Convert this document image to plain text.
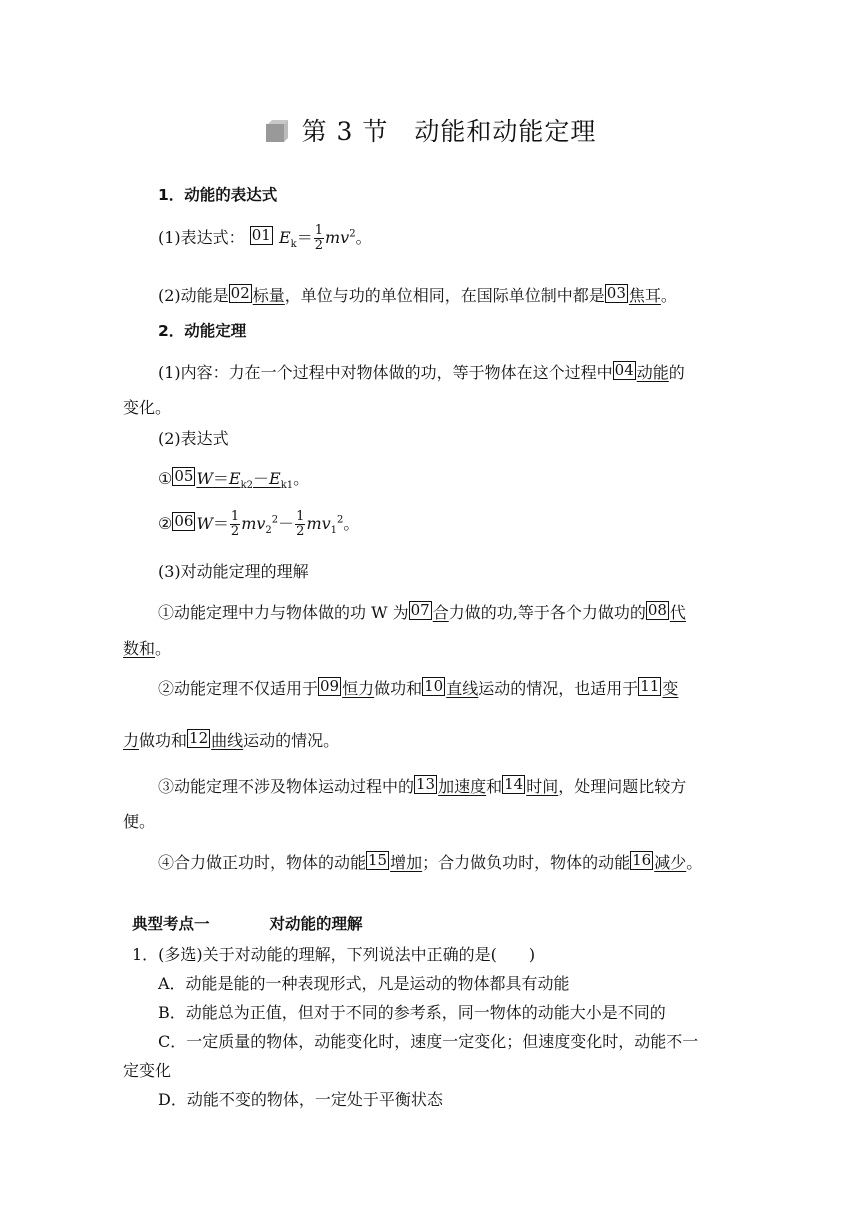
第 3 节　动能和动能定理
1．动能的表达式
(1)表达式： 01 $E_k= \frac{1}{2} mv^2$。
(2)动能是 02 标量，单位与功的单位相同，在国际单位制中都是 03 焦耳。
2．动能定理
(1)内容：力在一个过程中对物体做的功，等于物体在这个过程中 04 动能的
变化。
(2)表达式
① 05 $W=E_{k2}-E_{k1}$。
② 06 $W= \frac{1}{2} mv_2^2- \frac{1}{2} mv_1^2$。
(3)对动能定理的理解
①动能定理中力与物体做的功 W 为 07 合力做的功,等于各个力做功的 08 代
数和。
②动能定理不仅适用于 09 恒力做功和 10 直线运动的情况，也适用于 11 变
力做功和 12 曲线运动的情况。
③动能定理不涉及物体运动过程中的 13 加速度和 14 时间，处理问题比较方
便。
④合力做正功时，物体的动能 15 增加；合力做负功时，物体的动能 16 减少。
典型考点一	对动能的理解
1．(多选)关于对动能的理解，下列说法中正确的是(　　)
A．动能是能的一种表现形式，凡是运动的物体都具有动能
B．动能总为正值，但对于不同的参考系，同一物体的动能大小是不同的
C．一定质量的物体，动能变化时，速度一定变化；但速度变化时，动能不一
定变化
D．动能不变的物体，一定处于平衡状态
